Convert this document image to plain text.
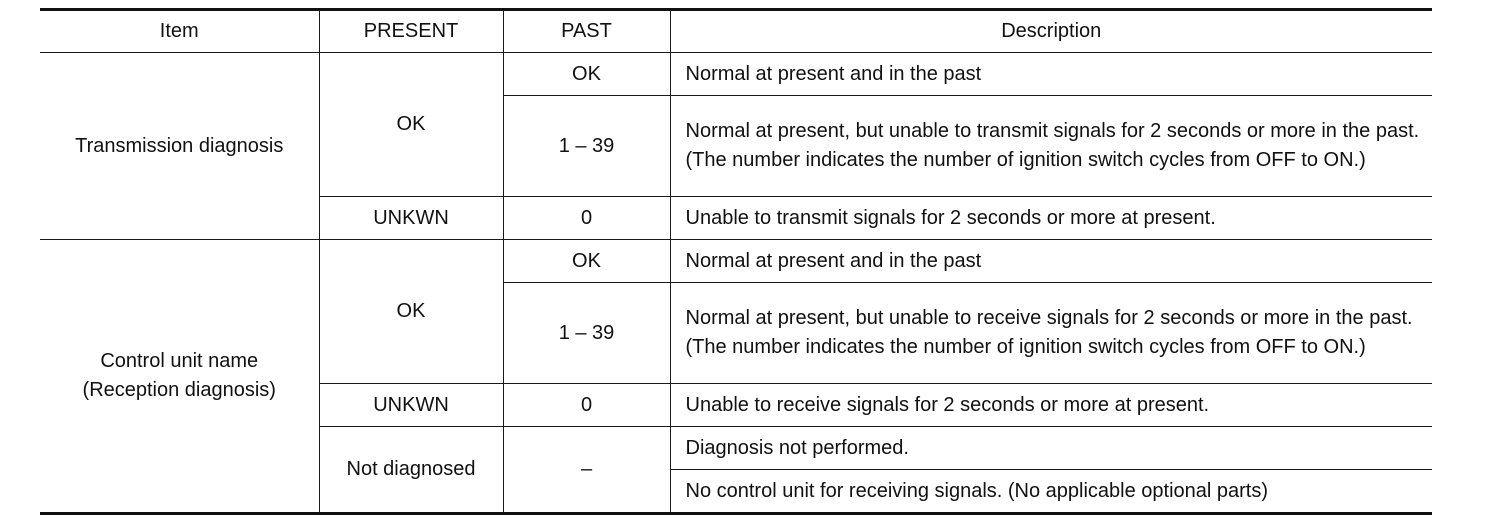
Item	PRESENT	PAST	Description
Transmission diagnosis	OK	OK	Normal at present and in the past
		1 – 39	Normal at present, but unable to transmit signals for 2 seconds or more in the past. (The number indicates the number of ignition switch cycles from OFF to ON.)
	UNKWN	0	Unable to transmit signals for 2 seconds or more at present.

Control unit name
(Reception diagnosis)	OK	OK	Normal at present and in the past
		1 – 39	Normal at present, but unable to receive signals for 2 seconds or more in the past. (The number indicates the number of ignition switch cycles from OFF to ON.)
	UNKWN	0	Unable to receive signals for 2 seconds or more at present.
	Not diagnosed	–	Diagnosis not performed.
			No control unit for receiving signals. (No applicable optional parts)
